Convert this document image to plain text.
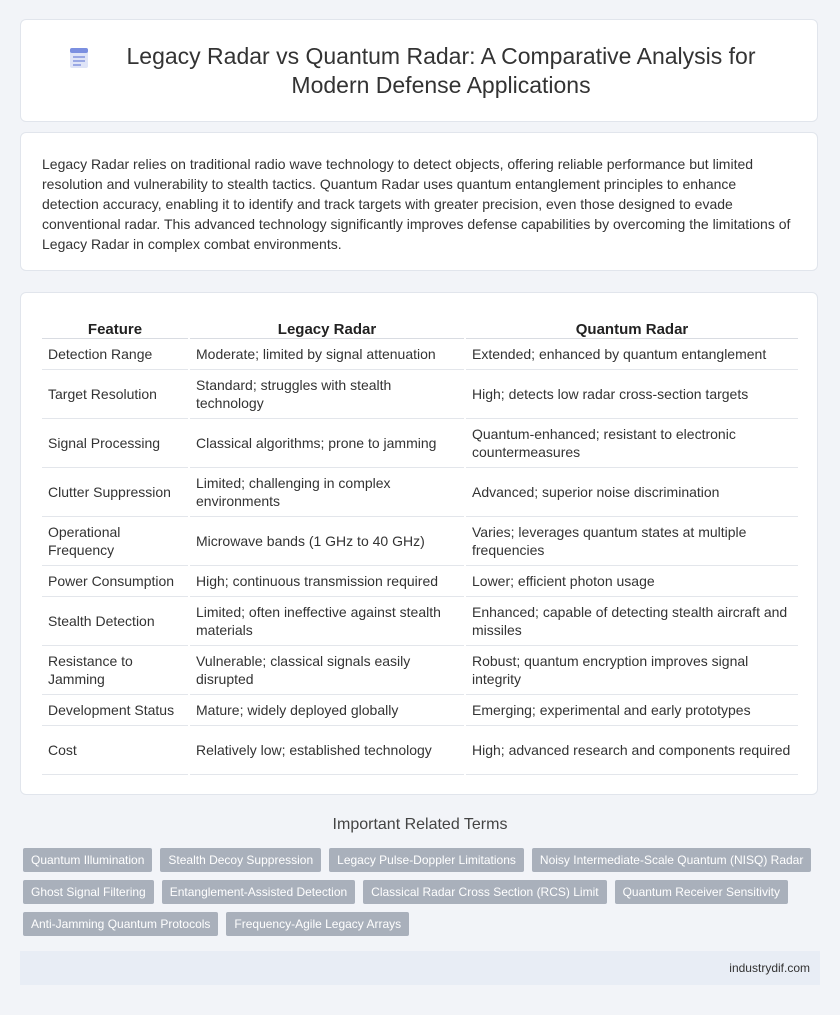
Legacy Radar vs Quantum Radar: A Comparative Analysis for Modern Defense Applications

Legacy Radar relies on traditional radio wave technology to detect objects, offering reliable performance but limited resolution and vulnerability to stealth tactics. Quantum Radar uses quantum entanglement principles to enhance detection accuracy, enabling it to identify and track targets with greater precision, even those designed to evade conventional radar. This advanced technology significantly improves defense capabilities by overcoming the limitations of Legacy Radar in complex combat environments.

Feature	Legacy Radar	Quantum Radar
Detection Range	Moderate; limited by signal attenuation	Extended; enhanced by quantum entanglement
Target Resolution	Standard; struggles with stealth technology	High; detects low radar cross-section targets
Signal Processing	Classical algorithms; prone to jamming	Quantum-enhanced; resistant to electronic countermeasures
Clutter Suppression	Limited; challenging in complex environments	Advanced; superior noise discrimination
Operational Frequency	Microwave bands (1 GHz to 40 GHz)	Varies; leverages quantum states at multiple frequencies
Power Consumption	High; continuous transmission required	Lower; efficient photon usage
Stealth Detection	Limited; often ineffective against stealth materials	Enhanced; capable of detecting stealth aircraft and missiles
Resistance to Jamming	Vulnerable; classical signals easily disrupted	Robust; quantum encryption improves signal integrity
Development Status	Mature; widely deployed globally	Emerging; experimental and early prototypes
Cost	Relatively low; established technology	High; advanced research and components required
Important Related Terms
Quantum Illumination	Stealth Decoy Suppression	Legacy Pulse-Doppler Limitations	Noisy Intermediate-Scale Quantum (NISQ) Radar
Ghost Signal Filtering	Entanglement-Assisted Detection	Classical Radar Cross Section (RCS) Limit	Quantum Receiver Sensitivity
Anti-Jamming Quantum Protocols	Frequency-Agile Legacy Arrays
industrydif.com
